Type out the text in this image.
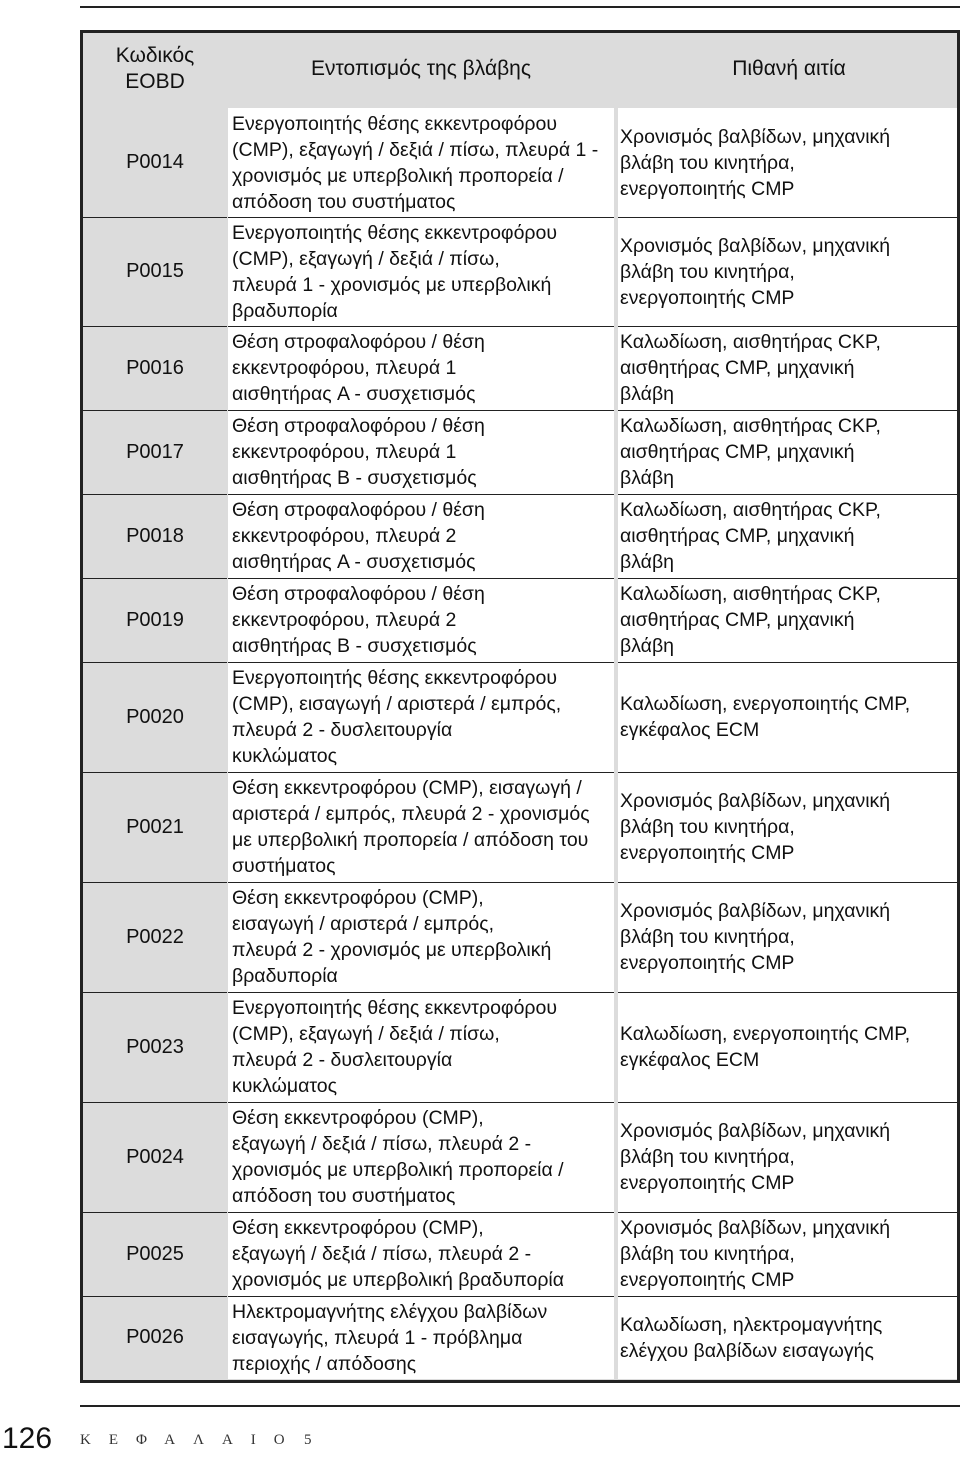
Κωδικός
EOBD
Εντοπισμός της βλάβης	Πιθανή αιτία
P0014
P0015
P0016
P0017
P0018
P0019
P0020
P0021
P0022
P0023
P0024
P0025
P0026
Ενεργοποιητής θέσης εκκεντροφόρου
(CMP), εξαγωγή / δεξιά / πίσω, πλευρά 1 -
χρονισμός με υπερβολική προπορεία /
απόδοση του συστήματος
Ενεργοποιητής θέσης εκκεντροφόρου
(CMP), εξαγωγή / δεξιά / πίσω,
πλευρά 1 - χρονισμός με υπερβολική
βραδυπορία
Θέση στροφαλοφόρου / θέση
εκκεντροφόρου, πλευρά 1
αισθητήρας A - συσχετισμός
Θέση στροφαλοφόρου / θέση
εκκεντροφόρου, πλευρά 1
αισθητήρας B - συσχετισμός
Θέση στροφαλοφόρου / θέση
εκκεντροφόρου, πλευρά 2
αισθητήρας A - συσχετισμός
Θέση στροφαλοφόρου / θέση
εκκεντροφόρου, πλευρά 2
αισθητήρας B - συσχετισμός
Ενεργοποιητής θέσης εκκεντροφόρου
(CMP), εισαγωγή / αριστερά / εμπρός,
πλευρά 2 - δυσλειτουργία
κυκλώματος
Θέση εκκεντροφόρου (CMP), εισαγωγή /
αριστερά / εμπρός, πλευρά 2 - χρονισμός
με υπερβολική προπορεία / απόδοση του
συστήματος
Θέση εκκεντροφόρου (CMP),
εισαγωγή / αριστερά / εμπρός,
πλευρά 2 - χρονισμός με υπερβολική
βραδυπορία
Ενεργοποιητής θέσης εκκεντροφόρου
(CMP), εξαγωγή / δεξιά / πίσω,
πλευρά 2 - δυσλειτουργία
κυκλώματος
Θέση εκκεντροφόρου (CMP),
εξαγωγή / δεξιά / πίσω, πλευρά 2 -
χρονισμός με υπερβολική προπορεία /
απόδοση του συστήματος
Θέση εκκεντροφόρου (CMP),
εξαγωγή / δεξιά / πίσω, πλευρά 2 -
χρονισμός με υπερβολική βραδυπορία
Ηλεκτρομαγνήτης ελέγχου βαλβίδων
εισαγωγής, πλευρά 1 - πρόβλημα
περιοχής / απόδοσης
Χρονισμός βαλβίδων, μηχανική
βλάβη του κινητήρα,
ενεργοποιητής CMP
Χρονισμός βαλβίδων, μηχανική
βλάβη του κινητήρα,
ενεργοποιητής CMP
Καλωδίωση, αισθητήρας CKP,
αισθητήρας CMP, μηχανική
βλάβη
Καλωδίωση, αισθητήρας CKP,
αισθητήρας CMP, μηχανική
βλάβη
Καλωδίωση, αισθητήρας CKP,
αισθητήρας CMP, μηχανική
βλάβη
Καλωδίωση, αισθητήρας CKP,
αισθητήρας CMP, μηχανική
βλάβη
Καλωδίωση, ενεργοποιητής CMP,
εγκέφαλος ECM
Χρονισμός βαλβίδων, μηχανική
βλάβη του κινητήρα,
ενεργοποιητής CMP
Χρονισμός βαλβίδων, μηχανική
βλάβη του κινητήρα,
ενεργοποιητής CMP
Καλωδίωση, ενεργοποιητής CMP,
εγκέφαλος ECM
Χρονισμός βαλβίδων, μηχανική
βλάβη του κινητήρα,
ενεργοποιητής CMP
Χρονισμός βαλβίδων, μηχανική
βλάβη του κινητήρα,
ενεργοποιητής CMP
Καλωδίωση, ηλεκτρομαγνήτης
ελέγχου βαλβίδων εισαγωγής
126 ΚΕΦΑΛΑΙΟ 5
